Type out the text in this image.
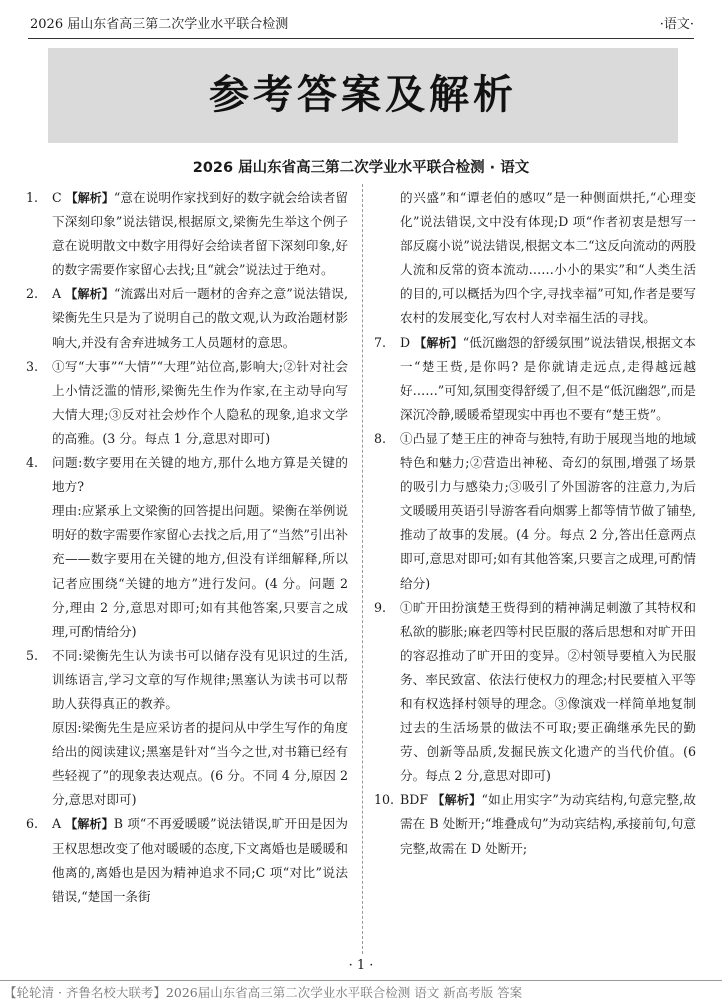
2026 届山东省高三第二次学业水平联合检测	·语文·
参考答案及解析
2026 届山东省高三第二次学业水平联合检测 · 语文
1. C 【解析】“意在说明作家找到好的数字就会给读者留下深刻印象”说法错误,根据原文,梁衡先生举这个例子意在说明散文中数字用得好会给读者留下深刻印象,好的数字需要作家留心去找;且“就会”说法过于绝对。

2. A 【解析】“流露出对后一题材的舍弃之意”说法错误,梁衡先生只是为了说明自己的散文观,认为政治题材影响大,并没有舍弃进城务工人员题材的意思。

3. ①写“大事”“大情”“大理”站位高,影响大;②针对社会上小情泛滥的情形,梁衡先生作为作家,在主动导向写大情大理;③反对社会炒作个人隐私的现象,追求文学的高雅。(3 分。每点 1 分,意思对即可)

4. 问题:数字要用在关键的地方,那什么地方算是关键的地方?

理由:应紧承上文梁衡的回答提出问题。梁衡在举例说明好的数字需要作家留心去找之后,用了“当然”引出补充——数字要用在关键的地方,但没有详细解释,所以记者应围绕“关键的地方”进行发问。(4 分。问题 2 分,理由 2 分,意思对即可;如有其他答案,只要言之成理,可酌情给分)

5. 不同:梁衡先生认为读书可以储存没有见识过的生活,训练语言,学习文章的写作规律;黑塞认为读书可以帮助人获得真正的教养。

原因:梁衡先生是应采访者的提问从中学生写作的角度给出的阅读建议;黑塞是针对“当今之世,对书籍已经有些轻视了”的现象表达观点。(6 分。不同 4 分,原因 2 分,意思对即可)

6. A 【解析】B 项“不再爱暖暖”说法错误,旷开田是因为王权思想改变了他对暖暖的态度,下文离婚也是暖暖和他离的,离婚也是因为精神追求不同;C 项“对比”说法错误,“楚国一条街

的兴盛”和“谭老伯的感叹”是一种侧面烘托,“心理变化”说法错误,文中没有体现;D 项“作者初衷是想写一部反腐小说”说法错误,根据文本二“这反向流动的两股人流和反常的资本流动……小小的果实”和“人类生活的目的,可以概括为四个字,寻找幸福”可知,作者是要写农村的发展变化,写农村人对幸福生活的寻找。

7. D 【解析】“低沉幽怨的舒缓氛围”说法错误,根据文本一“楚王赀,是你吗? 是你就请走远点,走得越远越好……”可知,氛围变得舒缓了,但不是“低沉幽怨”,而是深沉冷静,暖暖希望现实中再也不要有“楚王赀”。

8. ①凸显了楚王庄的神奇与独特,有助于展现当地的地域特色和魅力;②营造出神秘、奇幻的氛围,增强了场景的吸引力与感染力;③吸引了外国游客的注意力,为后文暖暖用英语引导游客看向烟雾上都等情节做了铺垫,推动了故事的发展。(4 分。每点 2 分,答出任意两点即可,意思对即可;如有其他答案,只要言之成理,可酌情给分)

9. ①旷开田扮演楚王赀得到的精神满足刺激了其特权和私欲的膨胀;麻老四等村民臣服的落后思想和对旷开田的容忍推动了旷开田的变异。②村领导要植入为民服务、率民致富、依法行使权力的理念;村民要植入平等和有权选择村领导的理念。③像演戏一样简单地复制过去的生活场景的做法不可取;要正确继承先民的勤劳、创新等品质,发掘民族文化遗产的当代价值。(6 分。每点 2 分,意思对即可)

10. BDF 【解析】“如止用实字”为动宾结构,句意完整,故需在 B 处断开;“堆叠成句”为动宾结构,承接前句,句意完整,故需在 D 处断开;

· 1 ·
【轮轮清 · 齐鲁名校大联考】2026届山东省高三第二次学业水平联合检测 语文 新高考版 答案
